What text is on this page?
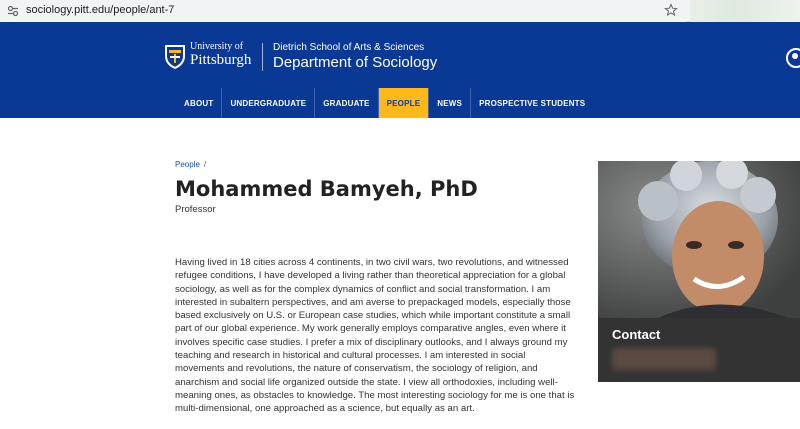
sociology.pitt.edu/people/ant-7
University of
Pittsburgh
Dietrich School of Arts & Sciences
Department of Sociology
ABOUT	UNDERGRADUATE	GRADUATE	PEOPLE	NEWS	PROSPECTIVE STUDENTS
People /
Mohammed Bamyeh, PhD
Professor

Having lived in 18 cities across 4 continents, in two civil wars, two revolutions, and witnessed refugee conditions, I have developed a living rather than theoretical appreciation for a global sociology, as well as for the complex dynamics of conflict and social transformation. I am interested in subaltern perspectives, and am averse to prepackaged models, especially those based exclusively on U.S. or European case studies, which while important constitute a small part of our global experience. My work generally employs comparative angles, even where it involves specific case studies. I prefer a mix of disciplinary outlooks, and I always ground my teaching and research in historical and cultural processes. I am interested in social movements and revolutions, the nature of conservatism, the sociology of religion, and anarchism and social life organized outside the state. I view all orthodoxies, including well-meaning ones, as obstacles to knowledge. The most interesting sociology for me is one that is multi-dimensional, one approached as a science, but equally as an art.

Contact
